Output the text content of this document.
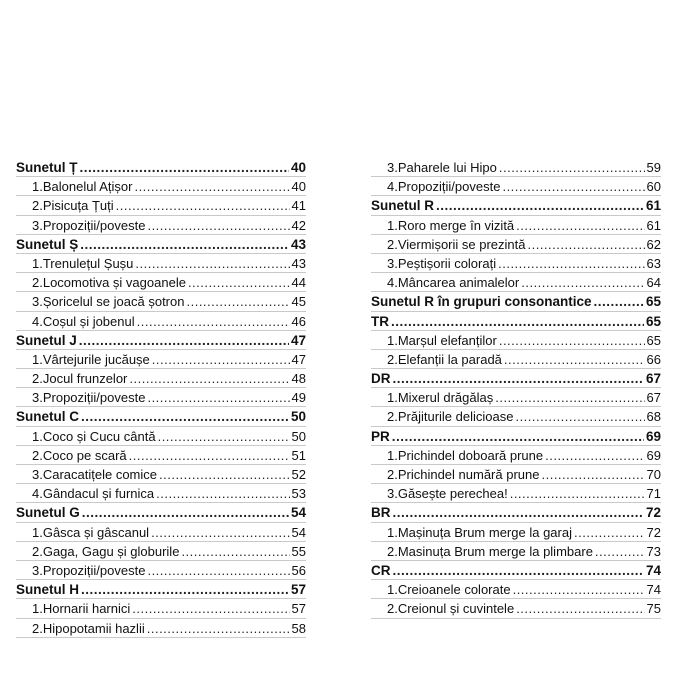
Sunetul Ț .....	40
1.Balonelul Ațișor .....	40
2.Pisicuța Țuți .....	41
3.Propoziții/poveste .....	42
Sunetul Ș .....	43
1.Trenulețul Șușu .....	43
2.Locomotiva și vagoanele .....	44
3.Șoricelul se joacă șotron .....	45
4.Coșul și jobenul .....	46
Sunetul J .....	47
1.Vârtejurile jucăușe .....	47
2.Jocul frunzelor .....	48
3.Propoziții/poveste .....	49
Sunetul C .....	50
1.Coco și Cucu cântă .....	50
2.Coco pe scară .....	51
3.Caracatițele comice .....	52
4.Gândacul și furnica .....	53
Sunetul G .....	54
1.Gâsca și gâscanul .....	54
2.Gaga, Gagu și globurile .....	55
3.Propoziții/poveste .....	56
Sunetul H .....	57
1.Hornarii harnici .....	57
2.Hipopotamii hazlii .....	58
3.Paharele lui Hipo .....	59
4.Propoziții/poveste .....	60
Sunetul R .....	61
1.Roro merge în vizită .....	61
2.Viermișorii se prezintă .....	62
3.Peștișorii colorați .....	63
4.Mâncarea animalelor .....	64
Sunetul R în grupuri consonantice .....	65
TR .....	65
1.Marșul elefanților .....	65
2.Elefanții la paradă .....	66
DR .....	67
1.Mixerul drăgălaș .....	67
2.Prăjiturile delicioase .....	68
PR .....	69
1.Prichindel doboară prune .....	69
2.Prichindel numără prune .....	70
3.Găsește perechea! .....	71
BR .....	72
1.Mașinuța Brum merge la garaj .....	72
2.Masinuța Brum merge la plimbare .....	73
CR .....	74
1.Creioanele colorate .....	74
2.Creionul și cuvintele .....	75
